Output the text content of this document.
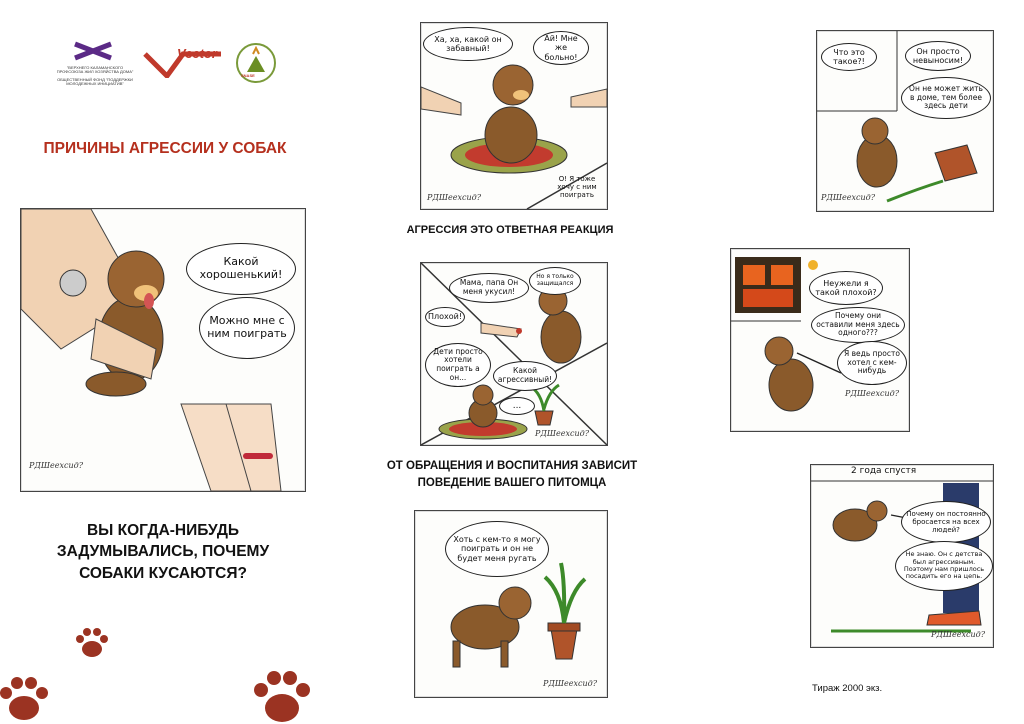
"ВЕРХНЕГО КАЛАМАНСКОГО ПРОФСОЮЗА ЖИЛ ХОЗЯЙСТВА ДОМА"
ОБЩЕСТВЕННЫЙ ФОНД "ПОДДЕРЖКИ МОЛОДЕЖНЫХ ИНИЦИАТИВ"
Vector
SNASE
ПРИЧИНЫ АГРЕССИИ У СОБАК
Какой хорошенький!
Можно мне с ним поиграть
РДШеехсид?
ВЫ КОГДА-НИБУДЬ ЗАДУМЫВАЛИСЬ, ПОЧЕМУ СОБАКИ КУСАЮТСЯ?
Ха, ха, какой он забавный!
Ай! Мне же больно!
О! Я тоже хочу с ним поиграть
РДШеехсид?
АГРЕССИЯ ЭТО ОТВЕТНАЯ РЕАКЦИЯ
Мама, папа Он меня укусил!
Но я только защищался
Плохой!
Дети просто хотели поиграть а он...
Какой агрессивный!
...
РДШеехсид?
ОТ ОБРАЩЕНИЯ И ВОСПИТАНИЯ ЗАВИСИТ ПОВЕДЕНИЕ ВАШЕГО ПИТОМЦА
Хоть с кем-то я могу поиграть и он не будет меня ругать
РДШеехсид?
Что это такое?!
Он просто невыносим!
Он не может жить в доме, тем более здесь дети
РДШеехсид?
Неужели я такой плохой?
Почему они оставили меня здесь одного???
Я ведь просто хотел с кем-нибудь
РДШеехсид?
2 года спустя
Почему он постоянно бросается на всех людей?
Не знаю. Он с детства был агрессивным. Поэтому нам пришлось посадить его на цепь.
РДШеехсид?
Тираж 2000 экз.
